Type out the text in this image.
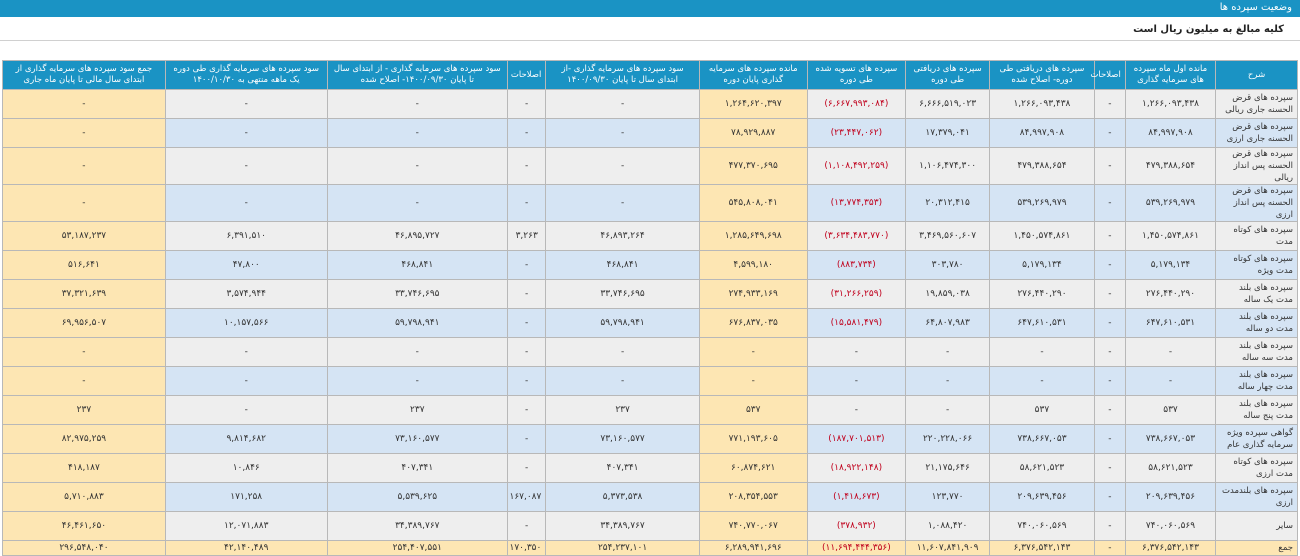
وضعیت سپرده ها
کلیه مبالغ به میلیون ریال است
شرح	مانده اول ماه سپرده های سرمایه گذاری	اصلاحات	سپرده های دریافتی طی دوره- اصلاح شده	سپرده های دریافتی طی دوره	سپرده های تسویه شده طی دوره	مانده سپرده های سرمایه گذاری پایان دوره	سود سپرده های سرمایه گذاری -از ابتدای سال تا پایان ۱۴۰۰/۰۹/۳۰	اصلاحات	سود سپرده های سرمایه گذاری - از ابتدای سال تا پایان ۱۴۰۰/۰۹/۳۰- اصلاح شده	سود سپرده های سرمایه گذاری طی دوره یک ماهه منتهی به ۱۴۰۰/۱۰/۳۰	جمع سود سپرده های سرمایه گذاری از ابتدای سال مالی تا پایان ماه جاری
سپرده های قرض الحسنه جاری ریالی	۱,۲۶۶,۰۹۳,۴۳۸	-	۱,۲۶۶,۰۹۳,۴۳۸	۶,۶۶۶,۵۱۹,۰۲۳	(۶,۶۶۷,۹۹۳,۰۸۴)	۱,۲۶۴,۶۲۰,۳۹۷	-	-	-	-	-
سپرده های قرض الحسنه جاری ارزی	۸۴,۹۹۷,۹۰۸	-	۸۴,۹۹۷,۹۰۸	۱۷,۳۷۹,۰۴۱	(۲۳,۴۴۷,۰۶۲)	۷۸,۹۲۹,۸۸۷	-	-	-	-	-
سپرده های قرض الحسنه پس انداز ریالی	۴۷۹,۳۸۸,۶۵۴	-	۴۷۹,۳۸۸,۶۵۴	۱,۱۰۶,۴۷۴,۳۰۰	(۱,۱۰۸,۴۹۲,۲۵۹)	۴۷۷,۳۷۰,۶۹۵	-	-	-	-	-
سپرده های قرض الحسنه پس انداز ارزی	۵۳۹,۲۶۹,۹۷۹	-	۵۳۹,۲۶۹,۹۷۹	۲۰,۳۱۲,۴۱۵	(۱۳,۷۷۴,۳۵۳)	۵۴۵,۸۰۸,۰۴۱	-	-	-	-	-
سپرده های کوتاه مدت	۱,۴۵۰,۵۷۴,۸۶۱	-	۱,۴۵۰,۵۷۴,۸۶۱	۳,۴۶۹,۵۶۰,۶۰۷	(۳,۶۳۴,۴۸۳,۷۷۰)	۱,۲۸۵,۶۴۹,۶۹۸	۴۶,۸۹۳,۲۶۴	۳,۲۶۳	۴۶,۸۹۵,۷۲۷	۶,۳۹۱,۵۱۰	۵۳,۱۸۷,۲۳۷
سپرده های کوتاه مدت ویژه	۵,۱۷۹,۱۳۴	-	۵,۱۷۹,۱۳۴	۳۰۳,۷۸۰	(۸۸۳,۷۳۴)	۴,۵۹۹,۱۸۰	۴۶۸,۸۴۱	-	۴۶۸,۸۴۱	۴۷,۸۰۰	۵۱۶,۶۴۱
سپرده های بلند مدت یک ساله	۲۷۶,۴۴۰,۲۹۰	-	۲۷۶,۴۴۰,۲۹۰	۱۹,۸۵۹,۰۳۸	(۳۱,۲۶۶,۲۵۹)	۲۷۴,۹۳۳,۱۶۹	۳۳,۷۴۶,۶۹۵	-	۳۳,۷۴۶,۶۹۵	۳,۵۷۴,۹۴۴	۳۷,۳۲۱,۶۳۹
سپرده های بلند مدت دو ساله	۶۴۷,۶۱۰,۵۳۱	-	۶۴۷,۶۱۰,۵۳۱	۶۴,۸۰۷,۹۸۳	(۱۵,۵۸۱,۴۷۹)	۶۷۶,۸۳۷,۰۳۵	۵۹,۷۹۸,۹۴۱	-	۵۹,۷۹۸,۹۴۱	۱۰,۱۵۷,۵۶۶	۶۹,۹۵۶,۵۰۷
سپرده های بلند مدت سه ساله	-	-	-	-	-	-	-	-	-	-	-
سپرده های بلند مدت چهار ساله	-	-	-	-	-	-	-	-	-	-	-
سپرده های بلند مدت پنج ساله	۵۳۷	-	۵۳۷	-	-	۵۳۷	۲۳۷	-	۲۳۷	-	۲۳۷
گواهی سپرده ویژه سرمایه گذاری عام	۷۳۸,۶۶۷,۰۵۳	-	۷۳۸,۶۶۷,۰۵۳	۲۲۰,۲۲۸,۰۶۶	(۱۸۷,۷۰۱,۵۱۳)	۷۷۱,۱۹۳,۶۰۵	۷۳,۱۶۰,۵۷۷	-	۷۳,۱۶۰,۵۷۷	۹,۸۱۴,۶۸۲	۸۲,۹۷۵,۲۵۹
سپرده های کوتاه مدت ارزی	۵۸,۶۲۱,۵۲۳	-	۵۸,۶۲۱,۵۲۳	۲۱,۱۷۵,۶۴۶	(۱۸,۹۲۲,۱۴۸)	۶۰,۸۷۴,۶۲۱	۴۰۷,۳۴۱	-	۴۰۷,۳۴۱	۱۰,۸۴۶	۴۱۸,۱۸۷
سپرده های بلندمدت ارزی	۲۰۹,۶۳۹,۴۵۶	-	۲۰۹,۶۳۹,۴۵۶	۱۲۳,۷۷۰	(۱,۴۱۸,۶۷۳)	۲۰۸,۳۵۴,۵۵۳	۵,۳۷۳,۵۳۸	۱۶۷,۰۸۷	۵,۵۳۹,۶۲۵	۱۷۱,۲۵۸	۵,۷۱۰,۸۸۳
سایر	۷۴۰,۰۶۰,۵۶۹	-	۷۴۰,۰۶۰,۵۶۹	۱,۰۸۸,۴۲۰	(۳۷۸,۹۳۲)	۷۴۰,۷۷۰,۰۶۷	۳۴,۳۸۹,۷۶۷	-	۳۴,۳۸۹,۷۶۷	۱۲,۰۷۱,۸۸۳	۴۶,۴۶۱,۶۵۰
جمع	۶,۳۷۶,۵۴۲,۱۴۳	-	۶,۳۷۶,۵۴۲,۱۴۳	۱۱,۶۰۷,۸۴۱,۹۰۹	(۱۱,۶۹۴,۴۴۴,۳۵۶)	۶,۲۸۹,۹۴۱,۶۹۶	۲۵۴,۲۳۷,۱۰۱	۱۷۰,۳۵۰	۲۵۴,۴۰۷,۵۵۱	۴۲,۱۴۰,۴۸۹	۲۹۶,۵۴۸,۰۴۰
